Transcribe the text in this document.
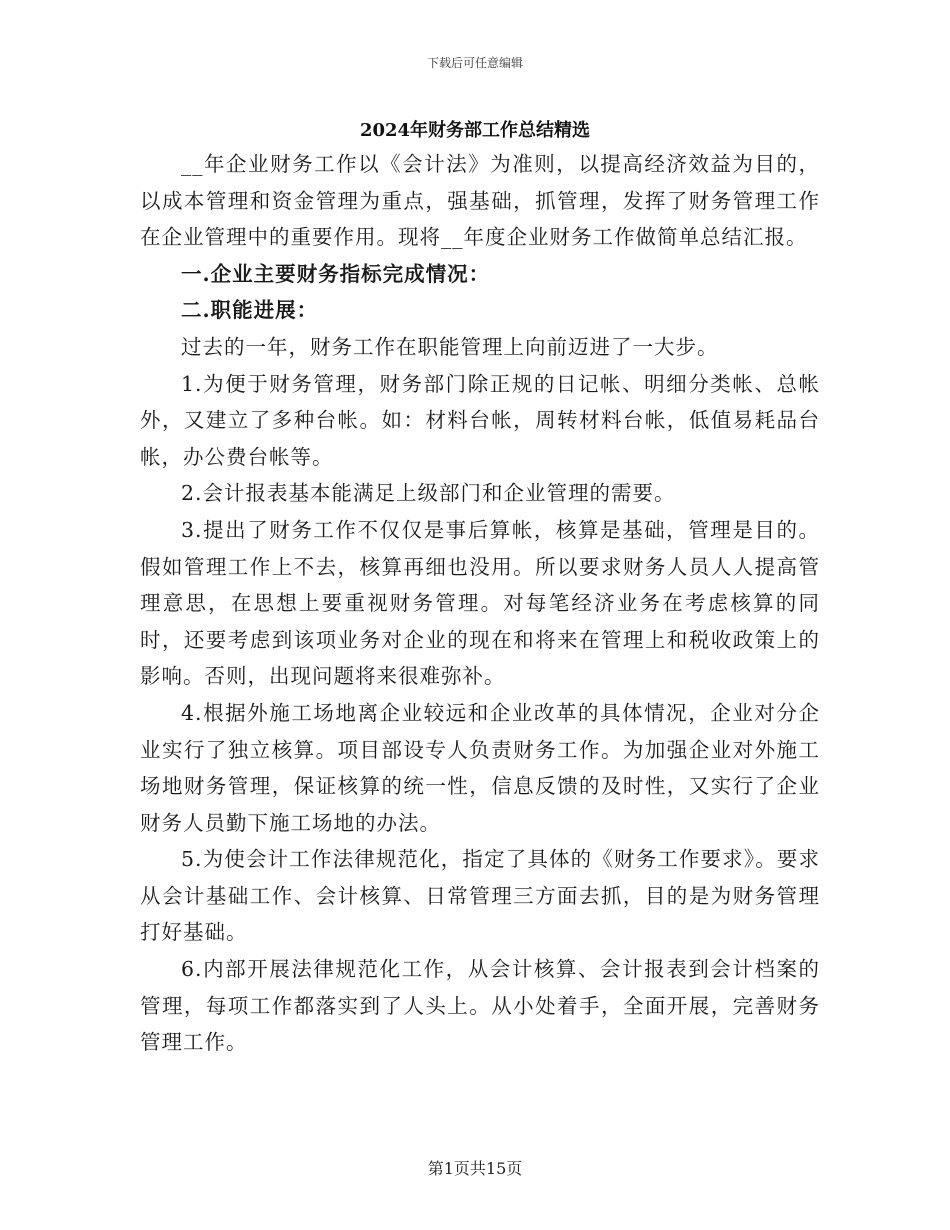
下载后可任意编辑
2024年财务部工作总结精选

__年企业财务工作以《会计法》为准则，以提高经济效益为目的，以成本管理和资金管理为重点，强基础，抓管理，发挥了财务管理工作在企业管理中的重要作用。现将__年度企业财务工作做简单总结汇报。

一.企业主要财务指标完成情况：

二.职能进展：

过去的一年，财务工作在职能管理上向前迈进了一大步。

1.为便于财务管理，财务部门除正规的日记帐、明细分类帐、总帐外，又建立了多种台帐。如：材料台帐，周转材料台帐，低值易耗品台帐，办公费台帐等。

2.会计报表基本能满足上级部门和企业管理的需要。

3.提出了财务工作不仅仅是事后算帐，核算是基础，管理是目的。假如管理工作上不去，核算再细也没用。所以要求财务人员人人提高管理意思，在思想上要重视财务管理。对每笔经济业务在考虑核算的同时，还要考虑到该项业务对企业的现在和将来在管理上和税收政策上的影响。否则，出现问题将来很难弥补。

4.根据外施工场地离企业较远和企业改革的具体情况，企业对分企业实行了独立核算。项目部设专人负责财务工作。为加强企业对外施工场地财务管理，保证核算的统一性，信息反馈的及时性，又实行了企业财务人员勤下施工场地的办法。

5.为使会计工作法律规范化，指定了具体的《财务工作要求》。要求从会计基础工作、会计核算、日常管理三方面去抓，目的是为财务管理打好基础。

6.内部开展法律规范化工作，从会计核算、会计报表到会计档案的管理，每项工作都落实到了人头上。从小处着手，全面开展，完善财务管理工作。

第1页共15页
